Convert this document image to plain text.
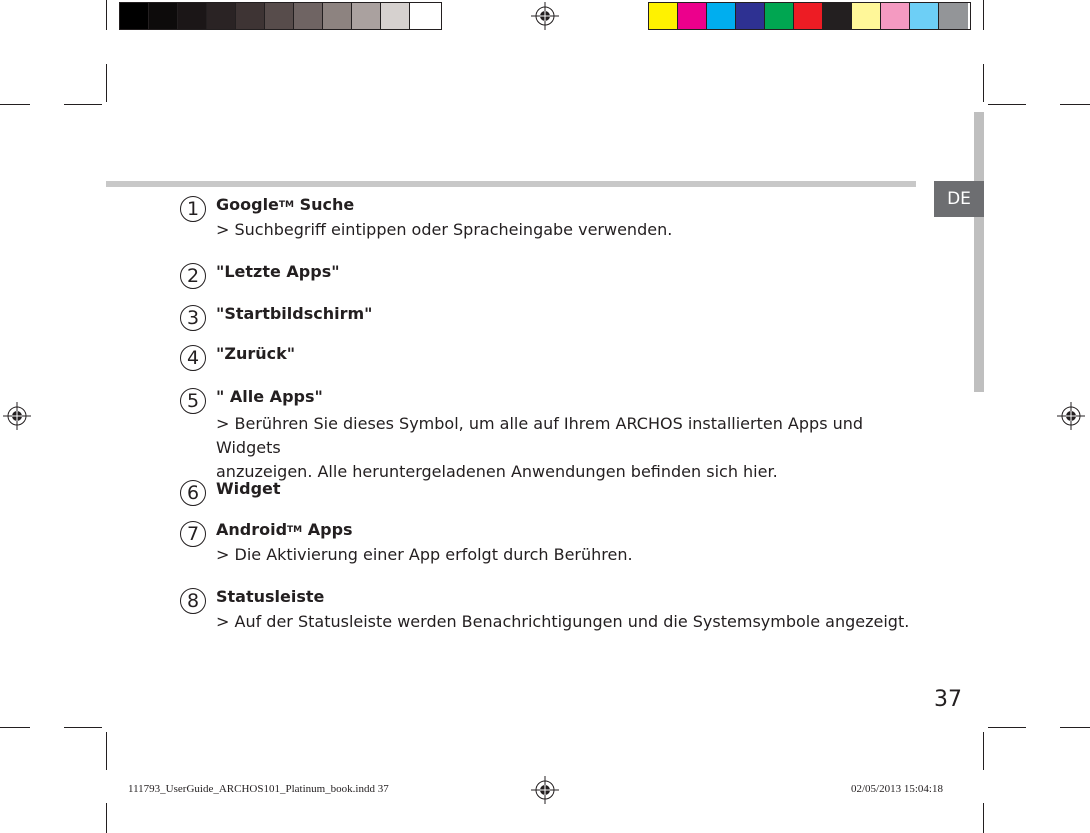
DE
1	Google™ Suche
> Suchbegriff eintippen oder Spracheingabe verwenden.
2	"Letzte Apps"
3	"Startbildschirm"
4	"Zurück"
5	" Alle Apps"
> Berühren Sie dieses Symbol, um alle auf Ihrem ARCHOS installierten Apps und Widgets
anzuzeigen. Alle heruntergeladenen Anwendungen befinden sich hier.
6	Widget
7	Android™ Apps
> Die Aktivierung einer App erfolgt durch Berühren.
8	Statusleiste
> Auf der Statusleiste werden Benachrichtigungen und die Systemsymbole angezeigt.
37
111793_UserGuide_ARCHOS101_Platinum_book.indd 37	02/05/2013 15:04:18
